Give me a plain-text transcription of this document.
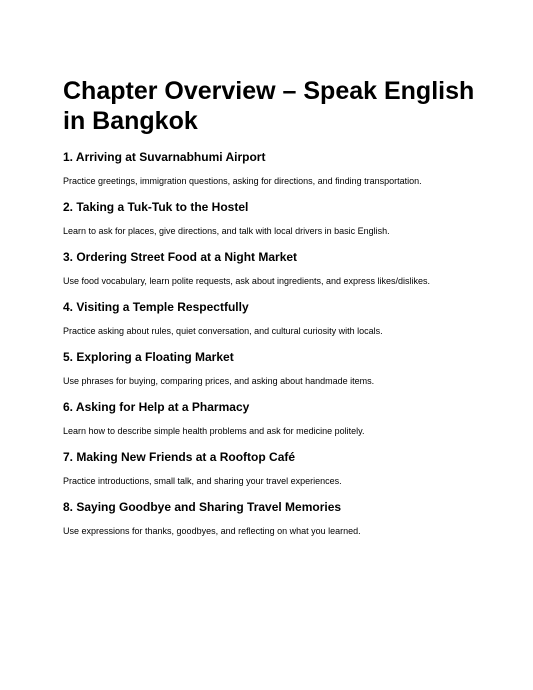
Chapter Overview – Speak English in Bangkok
1. Arriving at Suvarnabhumi Airport
Practice greetings, immigration questions, asking for directions, and finding transportation.
2. Taking a Tuk-Tuk to the Hostel
Learn to ask for places, give directions, and talk with local drivers in basic English.
3. Ordering Street Food at a Night Market
Use food vocabulary, learn polite requests, ask about ingredients, and express likes/dislikes.
4. Visiting a Temple Respectfully
Practice asking about rules, quiet conversation, and cultural curiosity with locals.
5. Exploring a Floating Market
Use phrases for buying, comparing prices, and asking about handmade items.
6. Asking for Help at a Pharmacy
Learn how to describe simple health problems and ask for medicine politely.
7. Making New Friends at a Rooftop Café
Practice introductions, small talk, and sharing your travel experiences.
8. Saying Goodbye and Sharing Travel Memories
Use expressions for thanks, goodbyes, and reflecting on what you learned.
